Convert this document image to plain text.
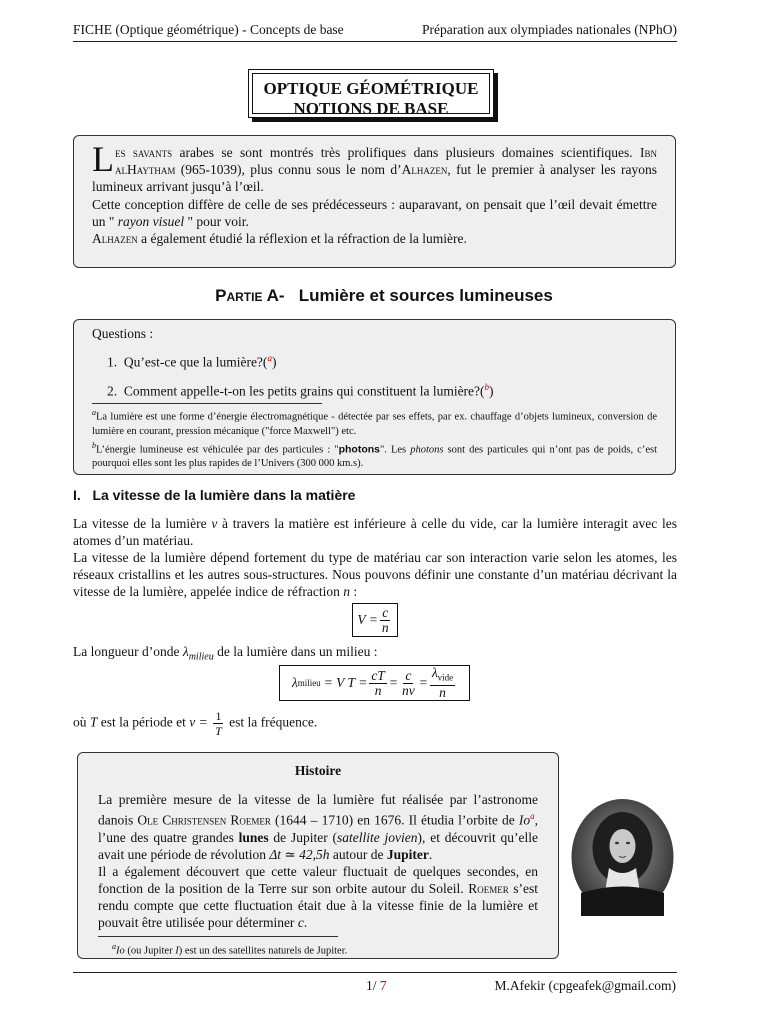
FICHE (Optique géométrique) - Concepts de base	Préparation aux olympiades nationales (NPhO)
OPTIQUE GÉOMÉTRIQUE
NOTIONS DE BASE
Les savants arabes se sont montrés très prolifiques dans plusieurs domaines scientifiques. Ibn alHaytham (965-1039), plus connu sous le nom d’Alhazen, fut le premier à analyser les rayons lumineux arrivant jusqu’à l’œil.
Cette conception diffère de celle de ses prédécesseurs : auparavant, on pensait que l’œil devait émettre un " rayon visuel " pour voir.
Alhazen a également étudié la réflexion et la réfraction de la lumière.
Partie A- Lumière et sources lumineuses
Questions :
1.  Qu’est-ce que la lumière?($^a$)
2.  Comment appelle-t-on les petits grains qui constituent la lumière?($^b$)
$^a$La lumière est une forme d’énergie électromagnétique - détectée par ses effets, par ex. chauffage d’objets lumineux, conversion de lumière en courant, pression mécanique ("force Maxwell") etc.
$^b$L’énergie lumineuse est véhiculée par des particules : "photons". Les photons sont des particules qui n’ont pas de poids, c’est pourquoi elles sont les plus rapides de l’Univers (300 000 km.s).
I.   La vitesse de la lumière dans la matière
La vitesse de la lumière v à travers la matière est inférieure à celle du vide, car la lumière interagit avec les atomes d’un matériau.
La vitesse de la lumière dépend fortement du type de matériau car son interaction varie selon les atomes, les réseaux cristallins et les autres sous-structures. Nous pouvons définir une constante d’un matériau décrivant la vitesse de la lumière, appelée indice de réfraction n :
$V = \frac{c}{n}$
La longueur d’onde $\lambda_{milieu}$ de la lumière dans un milieu :
λ milieu = V $T = \frac{cT}{n} = \frac{c}{n\nu} = \frac{\lambda_{vide}}{n}$
où T est la période et $\nu = \frac{1}{T}$ est la fréquence.
Histoire
La première mesure de la vitesse de la lumière fut réalisée par l’astronome danois Ole Christensen Roemer (1644 – 1710) en 1676. Il étudia l’orbite de Io$^a$, l’une des quatre grandes lunes de Jupiter (satellite jovien), et découvrit qu’elle avait une période de révolution Δt ≃ 42,5h autour de Jupiter.
Il a également découvert que cette valeur fluctuait de quelques secondes, en fonction de la position de la Terre sur son orbite autour du Soleil. Roemer s’est rendu compte que cette fluctuation était due à la vitesse finie de la lumière et pouvait être utilisée pour déterminer c.
$^a$Io (ou Jupiter I) est un des satellites naturels de Jupiter.
1/ 7	M.Afekir (cpgeafek@gmail.com)
